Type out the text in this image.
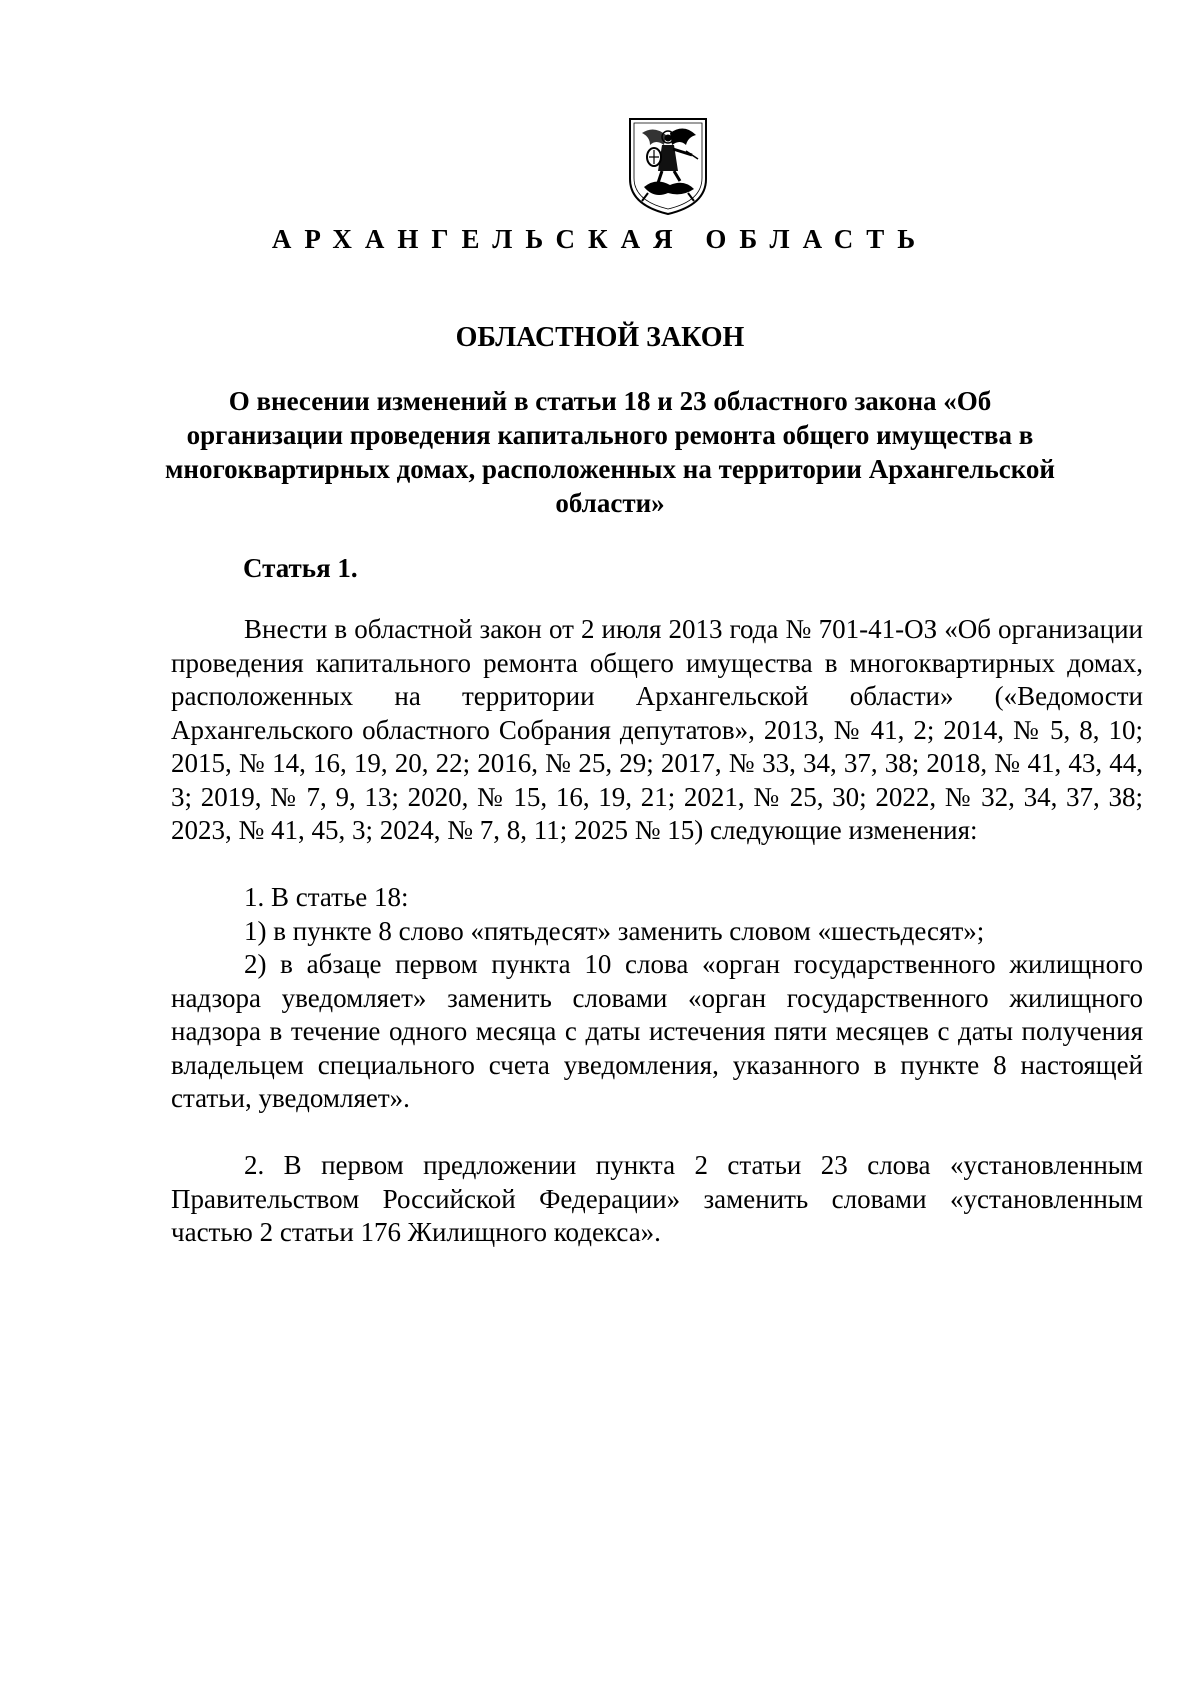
АРХАНГЕЛЬСКАЯ ОБЛАСТЬ
ОБЛАСТНОЙ ЗАКОН
О внесении изменений в статьи 18 и 23 областного закона «Об организации проведения капитального ремонта общего имущества в многоквартирных домах, расположенных на территории Архангельской области»
Статья 1.

Внести в областной закон от 2 июля 2013 года № 701-41-ОЗ «Об организации проведения капитального ремонта общего имущества в многоквартирных домах, расположенных на территории Архангельской области» («Ведомости Архангельского областного Собрания депутатов», 2013, № 41, 2; 2014, № 5, 8, 10; 2015, № 14, 16, 19, 20, 22; 2016, № 25, 29; 2017, № 33, 34, 37, 38; 2018, № 41, 43, 44, 3; 2019, № 7, 9, 13; 2020, № 15, 16, 19, 21; 2021, № 25, 30; 2022, № 32, 34, 37, 38; 2023, № 41, 45, 3; 2024, № 7, 8, 11; 2025 № 15) следующие изменения:

1. В статье 18:

1) в пункте 8 слово «пятьдесят» заменить словом «шестьдесят»;

2) в абзаце первом пункта 10 слова «орган государственного жилищного надзора уведомляет» заменить словами «орган государственного жилищного надзора в течение одного месяца с даты истечения пяти месяцев с даты получения владельцем специального счета уведомления, указанного в пункте 8 настоящей статьи, уведомляет».

2. В первом предложении пункта 2 статьи 23 слова «установленным Правительством Российской Федерации» заменить словами «установленным частью 2 статьи 176 Жилищного кодекса».
